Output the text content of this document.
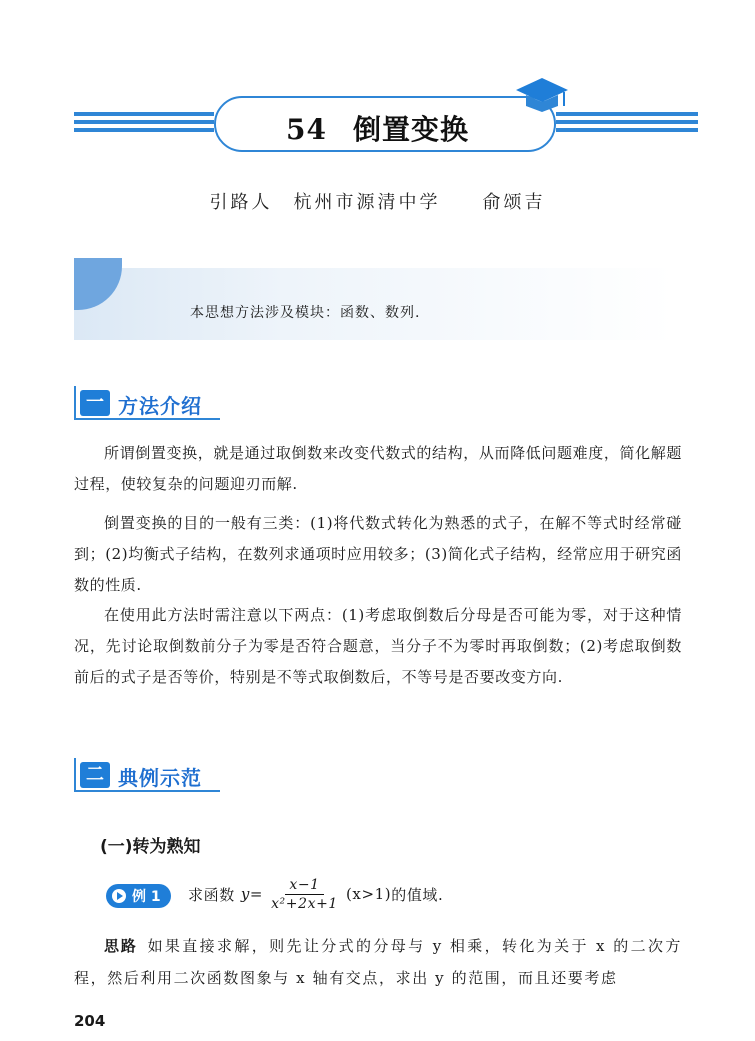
54 倒置变换
引路人　杭州市源清中学　　俞颂吉
本思想方法涉及模块：函数、数列.
一 方法介绍
所谓倒置变换，就是通过取倒数来改变代数式的结构，从而降低问题难度，简化解题过程，使较复杂的问题迎刃而解.
倒置变换的目的一般有三类：(1)将代数式转化为熟悉的式子，在解不等式时经常碰到；(2)均衡式子结构，在数列求通项时应用较多；(3)简化式子结构，经常应用于研究函数的性质.
在使用此方法时需注意以下两点：(1)考虑取倒数后分母是否可能为零，对于这种情况，先讨论取倒数前分子为零是否符合题意，当分子不为零时再取倒数；(2)考虑取倒数前后的式子是否等价，特别是不等式取倒数后，不等号是否要改变方向.
二 典例示范
(一)转为熟知
例 1 求函数 $y = \frac{x-1}{\text{x²+2x+1}} (x>1)$ 的值域.
思路 如果直接求解，则先让分式的分母与 y 相乘，转化为关于 x 的二次方程，然后利用二次函数图象与 x 轴有交点，求出 y 的范围，而且还要考虑
204
